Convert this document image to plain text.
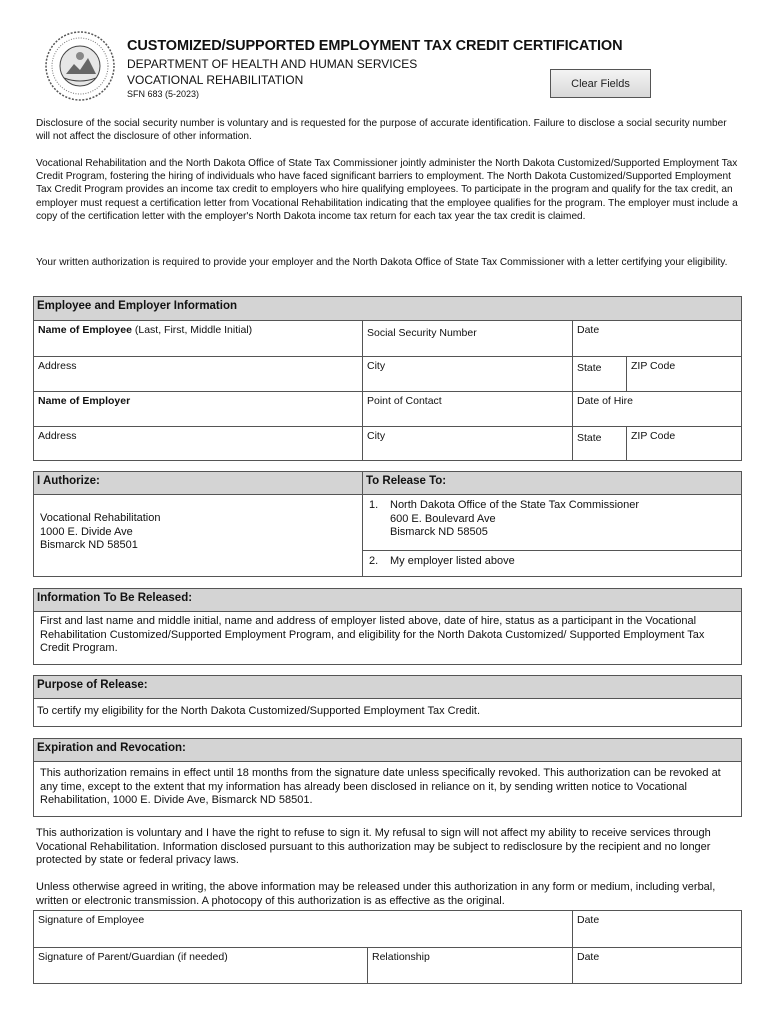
CUSTOMIZED/SUPPORTED EMPLOYMENT TAX CREDIT CERTIFICATION
DEPARTMENT OF HEALTH AND HUMAN SERVICES
VOCATIONAL REHABILITATION
SFN 683 (5-2023)
Clear Fields
Disclosure of the social security number is voluntary and is requested for the purpose of accurate identification. Failure to disclose a social security number will not affect the disclosure of other information.
Vocational Rehabilitation and the North Dakota Office of State Tax Commissioner jointly administer the North Dakota Customized/Supported Employment Tax Credit Program, fostering the hiring of individuals who have faced significant barriers to employment. The North Dakota Customized/Supported Employment Tax Credit Program provides an income tax credit to employers who hire qualifying employees. To participate in the program and qualify for the tax credit, an employer must request a certification letter from Vocational Rehabilitation indicating that the employee qualifies for the program. The employer must include a copy of the certification letter with the employer's North Dakota income tax return for each tax year the tax credit is claimed.
Your written authorization is required to provide your employer and the North Dakota Office of State Tax Commissioner with a letter certifying your eligibility.
Employee and Employer Information
Name of Employee (Last, First, Middle Initial)	Social Security Number	Date
Address	City	State	ZIP Code
Name of Employer	Point of Contact	Date of Hire
Address	City	State	ZIP Code
I Authorize:	To Release To:
Vocational Rehabilitation
1000 E. Divide Ave
Bismarck ND 58501
1. North Dakota Office of the State Tax Commissioner
600 E. Boulevard Ave
Bismarck ND 58505
2. My employer listed above
Information To Be Released:
First and last name and middle initial, name and address of employer listed above, date of hire, status as a participant in the Vocational Rehabilitation Customized/Supported Employment Program, and eligibility for the North Dakota Customized/ Supported Employment Tax Credit Program.
Purpose of Release:
To certify my eligibility for the North Dakota Customized/Supported Employment Tax Credit.
Expiration and Revocation:
This authorization remains in effect until 18 months from the signature date unless specifically revoked. This authorization can be revoked at any time, except to the extent that my information has already been disclosed in reliance on it, by sending written notice to Vocational Rehabilitation, 1000 E. Divide Ave, Bismarck ND 58501.
This authorization is voluntary and I have the right to refuse to sign it. My refusal to sign will not affect my ability to receive services through Vocational Rehabilitation. Information disclosed pursuant to this authorization may be subject to redisclosure by the recipient and no longer protected by state or federal privacy laws.
Unless otherwise agreed in writing, the above information may be released under this authorization in any form or medium, including verbal, written or electronic transmission. A photocopy of this authorization is as effective as the original.
Signature of Employee	Date
Signature of Parent/Guardian (if needed)	Relationship	Date
